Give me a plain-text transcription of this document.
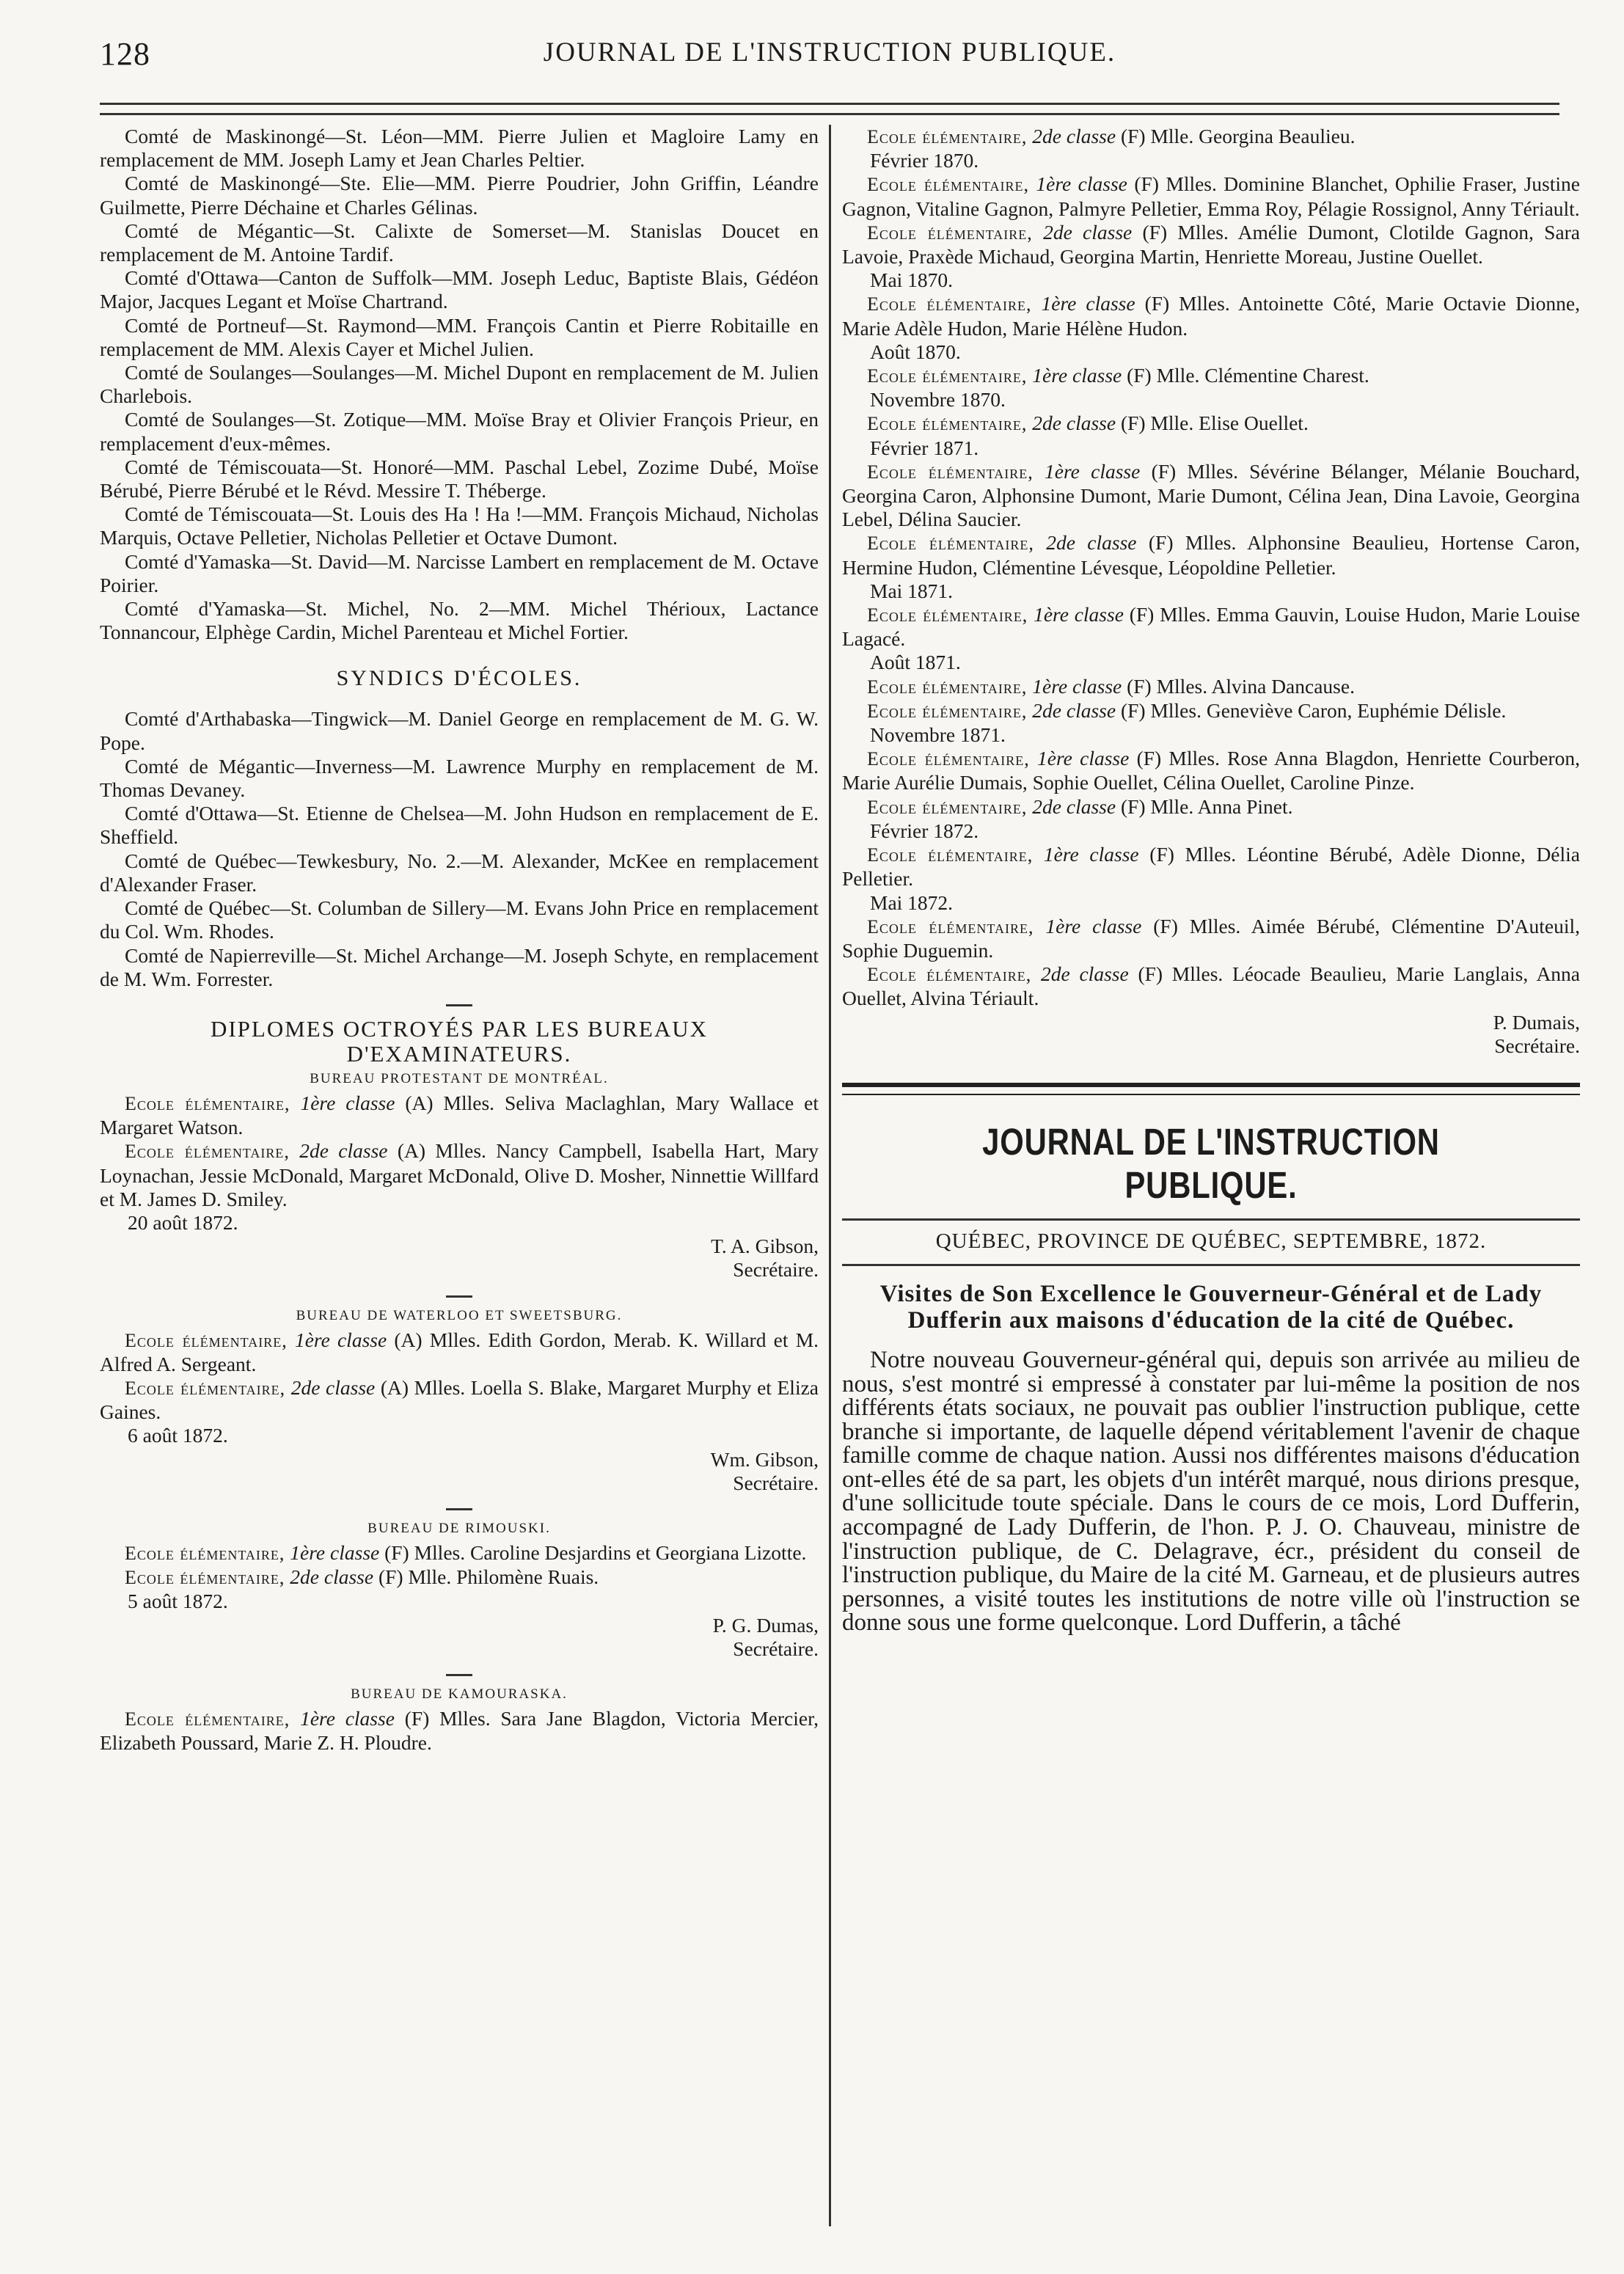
128	JOURNAL DE L'INSTRUCTION PUBLIQUE.

Comté de Maskinongé—St. Léon—MM. Pierre Julien et Magloire Lamy en remplacement de MM. Joseph Lamy et Jean Charles Peltier.

Comté de Maskinongé—Ste. Elie—MM. Pierre Poudrier, John Griffin, Léandre Guilmette, Pierre Déchaine et Charles Gélinas.

Comté de Mégantic—St. Calixte de Somerset—M. Stanislas Doucet en remplacement de M. Antoine Tardif.

Comté d'Ottawa—Canton de Suffolk—MM. Joseph Leduc, Baptiste Blais, Gédéon Major, Jacques Legant et Moïse Chartrand.

Comté de Portneuf—St. Raymond—MM. François Cantin et Pierre Robitaille en remplacement de MM. Alexis Cayer et Michel Julien.

Comté de Soulanges—Soulanges—M. Michel Dupont en remplacement de M. Julien Charlebois.

Comté de Soulanges—St. Zotique—MM. Moïse Bray et Olivier François Prieur, en remplacement d'eux-mêmes.

Comté de Témiscouata—St. Honoré—MM. Paschal Lebel, Zozime Dubé, Moïse Bérubé, Pierre Bérubé et le Révd. Messire T. Théberge.

Comté de Témiscouata—St. Louis des Ha ! Ha !—MM. François Michaud, Nicholas Marquis, Octave Pelletier, Nicholas Pelletier et Octave Dumont.

Comté d'Yamaska—St. David—M. Narcisse Lambert en remplacement de M. Octave Poirier.

Comté d'Yamaska—St. Michel, No. 2—MM. Michel Thérioux, Lactance Tonnancour, Elphège Cardin, Michel Parenteau et Michel Fortier.

SYNDICS D'ÉCOLES.

Comté d'Arthabaska—Tingwick—M. Daniel George en remplacement de M. G. W. Pope.

Comté de Mégantic—Inverness—M. Lawrence Murphy en remplacement de M. Thomas Devaney.

Comté d'Ottawa—St. Etienne de Chelsea—M. John Hudson en remplacement de E. Sheffield.

Comté de Québec—Tewkesbury, No. 2.—M. Alexander, McKee en remplacement d'Alexander Fraser.

Comté de Québec—St. Columban de Sillery—M. Evans John Price en remplacement du Col. Wm. Rhodes.

Comté de Napierreville—St. Michel Archange—M. Joseph Schyte, en remplacement de M. Wm. Forrester.

DIPLOMES OCTROYÉS PAR LES BUREAUX D'EXAMINATEURS.
BUREAU PROTESTANT DE MONTRÉAL.

Ecole élémentaire, 1ère classe (A) Mlles. Seliva Maclaghlan, Mary Wallace et Margaret Watson.

Ecole élémentaire, 2de classe (A) Mlles. Nancy Campbell, Isabella Hart, Mary Loynachan, Jessie McDonald, Margaret McDonald, Olive D. Mosher, Ninnettie Willfard et M. James D. Smiley.

20 août 1872.
T. A. Gibson,
Secrétaire.
BUREAU DE WATERLOO ET SWEETSBURG.

Ecole élémentaire, 1ère classe (A) Mlles. Edith Gordon, Merab. K. Willard et M. Alfred A. Sergeant.

Ecole élémentaire, 2de classe (A) Mlles. Loella S. Blake, Margaret Murphy et Eliza Gaines.

6 août 1872.
Wm. Gibson,
Secrétaire.
BUREAU DE RIMOUSKI.

Ecole élémentaire, 1ère classe (F) Mlles. Caroline Desjardins et Georgiana Lizotte.

Ecole élémentaire, 2de classe (F) Mlle. Philomène Ruais.

5 août 1872.
P. G. Dumas,
Secrétaire.
BUREAU DE KAMOURASKA.

Ecole élémentaire, 1ère classe (F) Mlles. Sara Jane Blagdon, Victoria Mercier, Elizabeth Poussard, Marie Z. H. Ploudre.

Ecole élémentaire, 2de classe (F) Mlle. Georgina Beaulieu.

Février 1870.

Ecole élémentaire, 1ère classe (F) Mlles. Dominine Blanchet, Ophilie Fraser, Justine Gagnon, Vitaline Gagnon, Palmyre Pelletier, Emma Roy, Pélagie Rossignol, Anny Tériault.

Ecole élémentaire, 2de classe (F) Mlles. Amélie Dumont, Clotilde Gagnon, Sara Lavoie, Praxède Michaud, Georgina Martin, Henriette Moreau, Justine Ouellet.

Mai 1870.

Ecole élémentaire, 1ère classe (F) Mlles. Antoinette Côté, Marie Octavie Dionne, Marie Adèle Hudon, Marie Hélène Hudon.

Août 1870.

Ecole élémentaire, 1ère classe (F) Mlle. Clémentine Charest.

Novembre 1870.

Ecole élémentaire, 2de classe (F) Mlle. Elise Ouellet.

Février 1871.

Ecole élémentaire, 1ère classe (F) Mlles. Sévérine Bélanger, Mélanie Bouchard, Georgina Caron, Alphonsine Dumont, Marie Dumont, Célina Jean, Dina Lavoie, Georgina Lebel, Délina Saucier.

Ecole élémentaire, 2de classe (F) Mlles. Alphonsine Beaulieu, Hortense Caron, Hermine Hudon, Clémentine Lévesque, Léopoldine Pelletier.

Mai 1871.

Ecole élémentaire, 1ère classe (F) Mlles. Emma Gauvin, Louise Hudon, Marie Louise Lagacé.

Août 1871.

Ecole élémentaire, 1ère classe (F) Mlles. Alvina Dancause.

Ecole élémentaire, 2de classe (F) Mlles. Geneviève Caron, Euphémie Délisle.

Novembre 1871.

Ecole élémentaire, 1ère classe (F) Mlles. Rose Anna Blagdon, Henriette Courberon, Marie Aurélie Dumais, Sophie Ouellet, Célina Ouellet, Caroline Pinze.

Ecole élémentaire, 2de classe (F) Mlle. Anna Pinet.

Février 1872.

Ecole élémentaire, 1ère classe (F) Mlles. Léontine Bérubé, Adèle Dionne, Délia Pelletier.

Mai 1872.

Ecole élémentaire, 1ère classe (F) Mlles. Aimée Bérubé, Clémentine D'Auteuil, Sophie Duguemin.

Ecole élémentaire, 2de classe (F) Mlles. Léocade Beaulieu, Marie Langlais, Anna Ouellet, Alvina Tériault.

P. Dumais,
Secrétaire.
JOURNAL DE L'INSTRUCTION PUBLIQUE.
QUÉBEC, PROVINCE DE QUÉBEC, SEPTEMBRE, 1872.
Visites de Son Excellence le Gouverneur-Général et de Lady Dufferin aux maisons d'éducation de la cité de Québec.

Notre nouveau Gouverneur-général qui, depuis son arrivée au milieu de nous, s'est montré si empressé à constater par lui-même la position de nos différents états sociaux, ne pouvait pas oublier l'instruction publique, cette branche si importante, de laquelle dépend véritablement l'avenir de chaque famille comme de chaque nation. Aussi nos différentes maisons d'éducation ont-elles été de sa part, les objets d'un intérêt marqué, nous dirions presque, d'une sollicitude toute spéciale. Dans le cours de ce mois, Lord Dufferin, accompagné de Lady Dufferin, de l'hon. P. J. O. Chauveau, ministre de l'instruction publique, de C. Delagrave, écr., président du conseil de l'instruction publique, du Maire de la cité M. Garneau, et de plusieurs autres personnes, a visité toutes les institutions de notre ville où l'instruction se donne sous une forme quelconque. Lord Dufferin, a tâché
